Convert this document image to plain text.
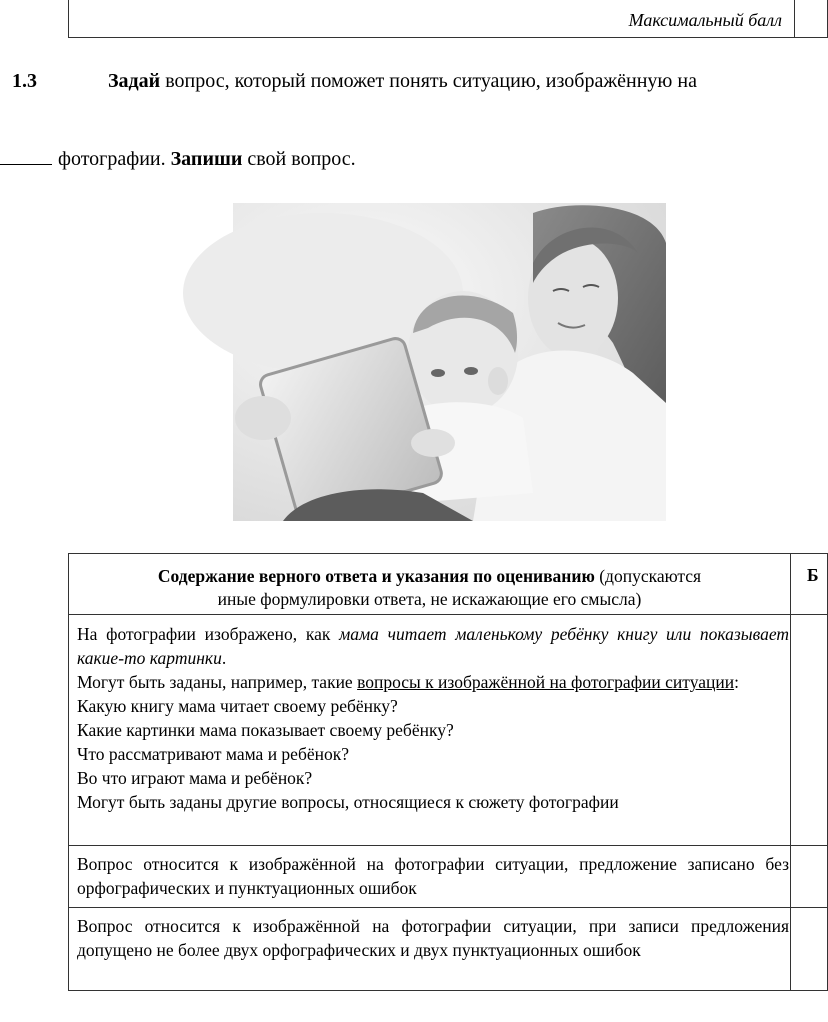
Максимальный балл
1.3	Задай вопрос, который поможет понять ситуацию, изображённую на
фотографии. Запиши свой вопрос.
Содержание верного ответа и указания по оцениванию (допускаются
иные формулировки ответа, не искажающие его смысла)
Б
На фотографии изображено, как мама читает маленькому ребёнку книгу или показывает какие-то картинки.
Могут быть заданы, например, такие вопросы к изображённой на фотографии ситуации:
Какую книгу мама читает своему ребёнку?
Какие картинки мама показывает своему ребёнку?
Что рассматривают мама и ребёнок?
Во что играют мама и ребёнок?
Могут быть заданы другие вопросы, относящиеся к сюжету фотографии
Вопрос относится к изображённой на фотографии ситуации, предложение записано без орфографических и пунктуационных ошибок
Вопрос относится к изображённой на фотографии ситуации, при записи предложения допущено не более двух орфографических и двух пунктуационных ошибок
